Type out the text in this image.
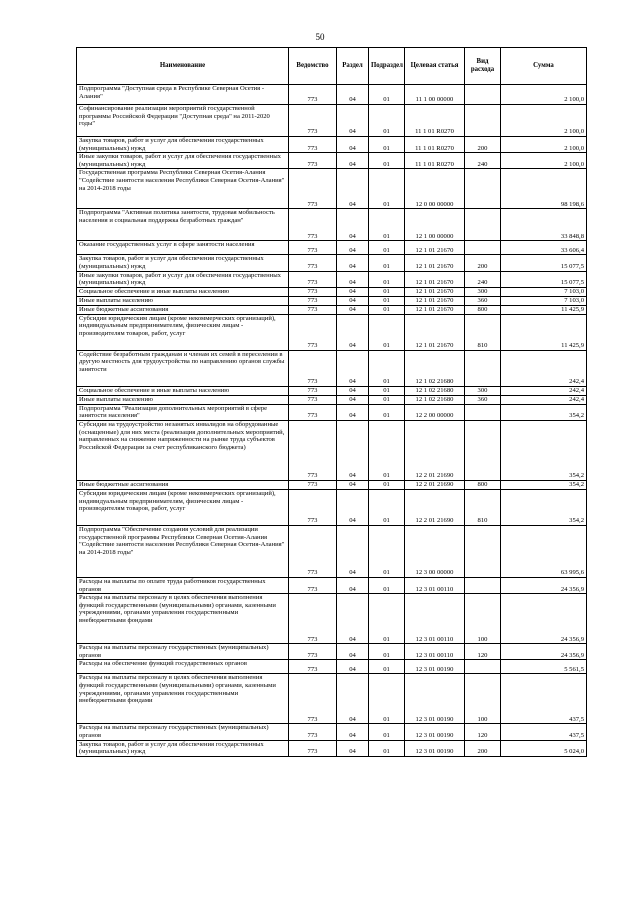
50
Наименование	Ведомство	Раздел	Подраздел	Целевая статья	Вид расхода	Сумма
Подпрограмма "Доступная среда в Республике Северная Осетия - Алания"	773	04	01	11 1 00 00000		2 100,0
Софинансирование реализации мероприятий государственной программы Российской Федерации "Доступная среда" на 2011-2020 годы"	773	04	01	11 1 01 R0270		2 100,0
Закупка товаров, работ и услуг для обеспечения государственных (муниципальных) нужд	773	04	01	11 1 01 R0270	200	2 100,0
Иные закупки товаров, работ и услуг для обеспечения государственных (муниципальных) нужд	773	04	01	11 1 01 R0270	240	2 100,0
Государственная программа Республики Северная Осетия-Алания "Содействие занятости населения Республики Северная Осетия-Алания" на 2014-2018 годы	773	04	01	12 0 00 00000		98 198,6
Подпрограмма "Активная политика занятости, трудовая мобильность населения и социальная поддержка безработных граждан"	773	04	01	12 1 00 00000		33 848,8
Оказание государственных услуг в сфере занятости населения	773	04	01	12 1 01 21670		33 606,4
Закупка товаров, работ и услуг для обеспечения государственных (муниципальных) нужд	773	04	01	12 1 01 21670	200	15 077,5
Иные закупки товаров, работ и услуг для обеспечения государственных (муниципальных) нужд	773	04	01	12 1 01 21670	240	15 077,5
Социальное обеспечение и иные выплаты населению	773	04	01	12 1 01 21670	300	7 103,0
Иные выплаты населению	773	04	01	12 1 01 21670	360	7 103,0
Иные бюджетные ассигнования	773	04	01	12 1 01 21670	800	11 425,9
Субсидии юридическим лицам (кроме некоммерческих организаций), индивидуальным предпринимателям, физическим лицам - производителям товаров, работ, услуг	773	04	01	12 1 01 21670	810	11 425,9
Содействие безработным гражданам и членам их семей в переселении в другую местность для трудоустройства по направлению органов службы занятости	773	04	01	12 1 02 21680		242,4
Социальное обеспечение и иные выплаты населению	773	04	01	12 1 02 21680	300	242,4
Иные выплаты населению	773	04	01	12 1 02 21680	360	242,4
Подпрограмма "Реализация дополнительных мероприятий в сфере занятости населения"	773	04	01	12 2 00 00000		354,2
Субсидии на трудоустройство незанятых инвалидов на оборудованные (оснащенные) для них места (реализация дополнительных мероприятий, направленных на снижение напряженности на рынке труда субъектов Российской Федерации за счет республиканского бюджета)	773	04	01	12 2 01 21690		354,2
Иные бюджетные ассигнования	773	04	01	12 2 01 21690	800	354,2
Субсидии юридическим лицам (кроме некоммерческих организаций), индивидуальным предпринимателям, физическим лицам - производителям товаров, работ, услуг	773	04	01	12 2 01 21690	810	354,2
Подпрограмма "Обеспечение создания условий для реализации государственной программы Республики Северная Осетия-Алания "Содействие занятости населения Республики Северная Осетия-Алания" на 2014-2018 годы"	773	04	01	12 3 00 00000		63 995,6
Расходы на выплаты по оплате труда работников государственных органов	773	04	01	12 3 01 00110		24 356,9
Расходы на выплаты персоналу в целях обеспечения выполнения функций государственными (муниципальными) органами, казенными учреждениями, органами управления государственными внебюджетными фондами	773	04	01	12 3 01 00110	100	24 356,9
Расходы на выплаты персоналу государственных (муниципальных) органов	773	04	01	12 3 01 00110	120	24 356,9
Расходы на обеспечение функций государственных органов	773	04	01	12 3 01 00190		5 561,5
Расходы на выплаты персоналу в целях обеспечения выполнения функций государственными (муниципальными) органами, казенными учреждениями, органами управления государственными внебюджетными фондами	773	04	01	12 3 01 00190	100	437,5
Расходы на выплаты персоналу государственных (муниципальных) органов	773	04	01	12 3 01 00190	120	437,5
Закупка товаров, работ и услуг для обеспечения государственных (муниципальных) нужд	773	04	01	12 3 01 00190	200	5 024,0
